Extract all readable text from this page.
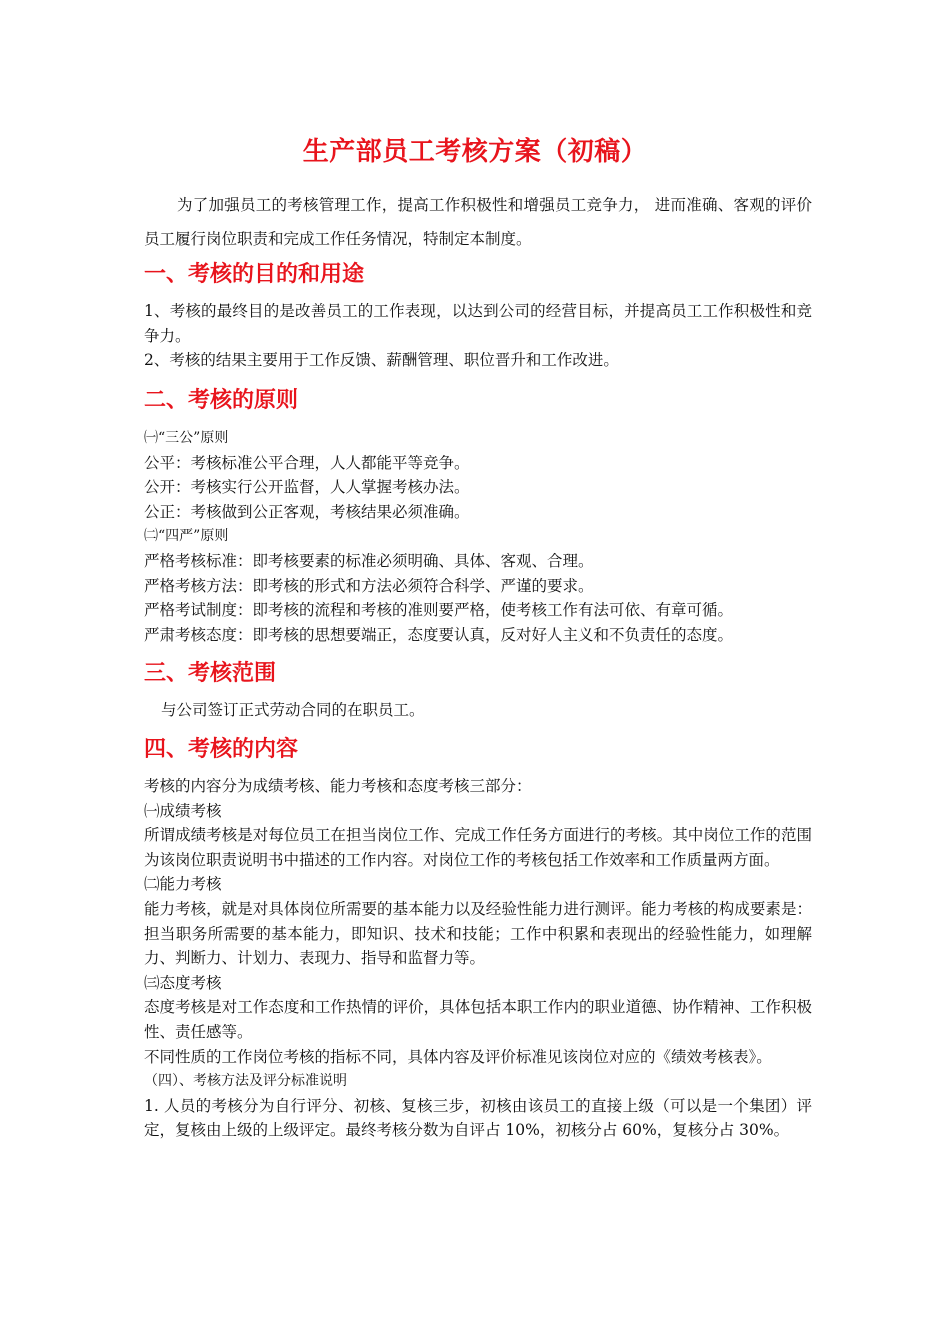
生产部员工考核方案（初稿）
为了加强员工的考核管理工作，提高工作积极性和增强员工竞争力， 进而准确、客观的评价员工履行岗位职责和完成工作任务情况，特制定本制度。
一、考核的目的和用途

1、考核的最终目的是改善员工的工作表现，以达到公司的经营目标，并提高员工工作积极性和竞争力。

2、考核的结果主要用于工作反馈、薪酬管理、职位晋升和工作改进。

二、考核的原则

㈠“三公”原则

公平：考核标准公平合理，人人都能平等竞争。

公开：考核实行公开监督，人人掌握考核办法。

公正：考核做到公正客观，考核结果必须准确。

㈡“四严”原则

严格考核标准：即考核要素的标准必须明确、具体、客观、合理。

严格考核方法：即考核的形式和方法必须符合科学、严谨的要求。

严格考试制度：即考核的流程和考核的准则要严格，使考核工作有法可依、有章可循。

严肃考核态度：即考核的思想要端正，态度要认真，反对好人主义和不负责任的态度。

三、考核范围

与公司签订正式劳动合同的在职员工。

四、考核的内容

考核的内容分为成绩考核、能力考核和态度考核三部分：

㈠成绩考核

所谓成绩考核是对每位员工在担当岗位工作、完成工作任务方面进行的考核。其中岗位工作的范围为该岗位职责说明书中描述的工作内容。对岗位工作的考核包括工作效率和工作质量两方面。

㈡能力考核

能力考核，就是对具体岗位所需要的基本能力以及经验性能力进行测评。能力考核的构成要素是：担当职务所需要的基本能力，即知识、技术和技能；工作中积累和表现出的经验性能力，如理解力、判断力、计划力、表现力、指导和监督力等。

㈢态度考核

态度考核是对工作态度和工作热情的评价，具体包括本职工作内的职业道德、协作精神、工作积极性、责任感等。

不同性质的工作岗位考核的指标不同，具体内容及评价标准见该岗位对应的《绩效考核表》。

（四）、考核方法及评分标准说明

1. 人员的考核分为自行评分、初核、复核三步，初核由该员工的直接上级（可以是一个集团）评定，复核由上级的上级评定。最终考核分数为自评占 10%，初核分占 60%，复核分占 30%。
